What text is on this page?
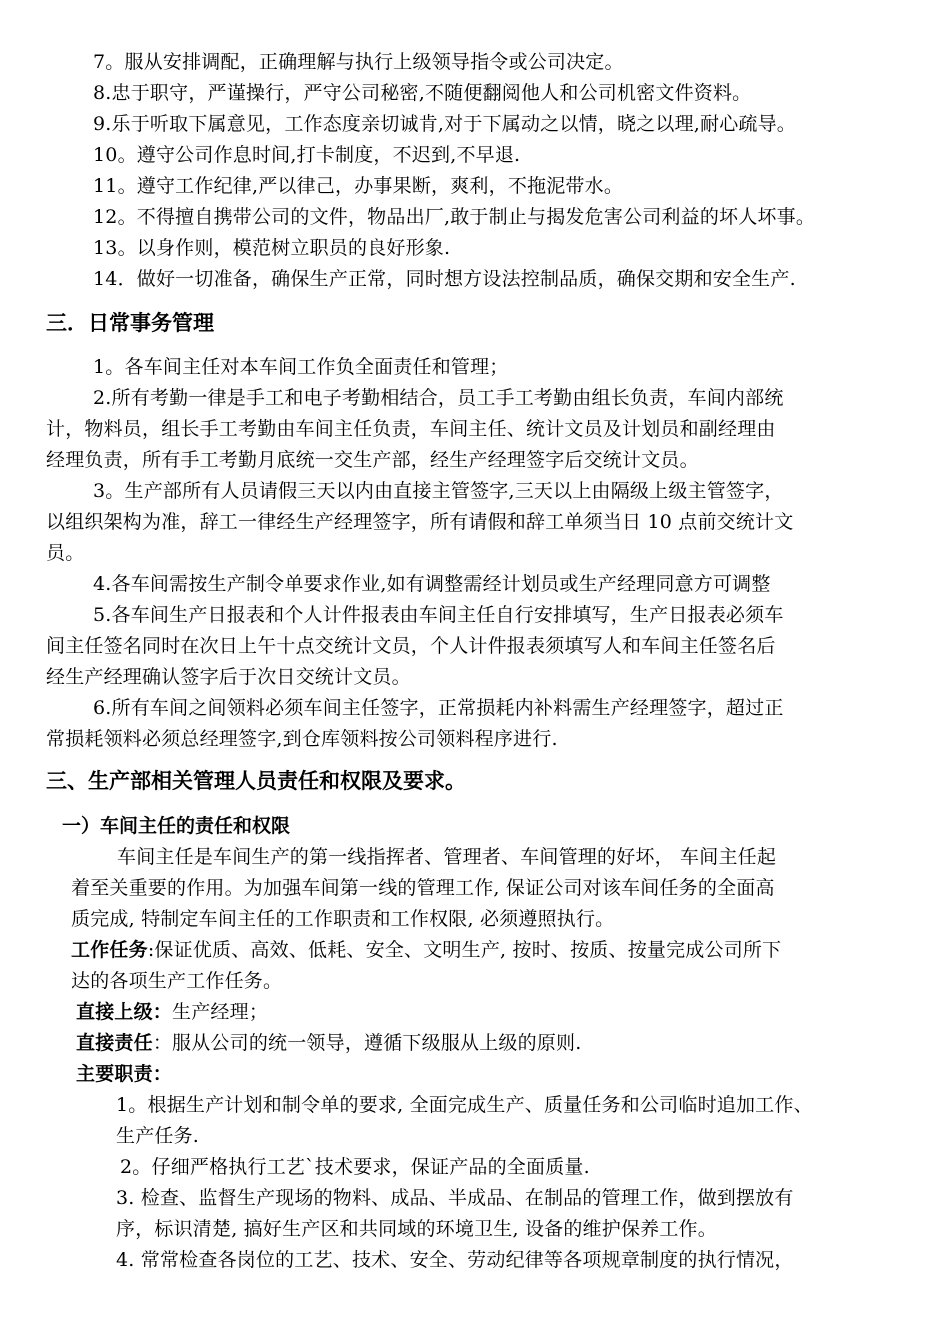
7。服从安排调配，正确理解与执行上级领导指令或公司决定。
8.忠于职守，严谨操行，严守公司秘密,不随便翻阅他人和公司机密文件资料。
9.乐于听取下属意见，工作态度亲切诚肯,对于下属动之以情，晓之以理,耐心疏导。
10。遵守公司作息时间,打卡制度，不迟到,不早退.
11。遵守工作纪律,严以律己，办事果断，爽利，不拖泥带水。
12。不得擅自携带公司的文件，物品出厂,敢于制止与揭发危害公司利益的坏人坏事。
13。以身作则，模范树立职员的良好形象.
14．做好一切准备，确保生产正常，同时想方设法控制品质，确保交期和安全生产.
三．日常事务管理
1。各车间主任对本车间工作负全面责任和管理；
2.所有考勤一律是手工和电子考勤相结合，员工手工考勤由组长负责，车间内部统
计，物料员，组长手工考勤由车间主任负责，车间主任、统计文员及计划员和副经理由
经理负责，所有手工考勤月底统一交生产部，经生产经理签字后交统计文员。
3。生产部所有人员请假三天以内由直接主管签字,三天以上由隔级上级主管签字，
以组织架构为准，辞工一律经生产经理签字，所有请假和辞工单须当日 10 点前交统计文
员。
4.各车间需按生产制令单要求作业,如有调整需经计划员或生产经理同意方可调整
5.各车间生产日报表和个人计件报表由车间主任自行安排填写，生产日报表必须车
间主任签名同时在次日上午十点交统计文员，个人计件报表须填写人和车间主任签名后
经生产经理确认签字后于次日交统计文员。
6.所有车间之间领料必须车间主任签字，正常损耗内补料需生产经理签字，超过正
常损耗领料必须总经理签字,到仓库领料按公司领料程序进行.
三、生产部相关管理人员责任和权限及要求。
一）车间主任的责任和权限
车间主任是车间生产的第一线指挥者、管理者、车间管理的好坏， 车间主任起
着至关重要的作用。为加强车间第一线的管理工作, 保证公司对该车间任务的全面高
质完成, 特制定车间主任的工作职责和工作权限, 必须遵照执行。
工作任务:保证优质、高效、低耗、安全、文明生产, 按时、按质、按量完成公司所下
达的各项生产工作任务。
直接上级：生产经理；
直接责任：服从公司的统一领导，遵循下级服从上级的原则.
主要职责：
1。根据生产计划和制令单的要求, 全面完成生产、质量任务和公司临时追加工作、
生产任务.
2。仔细严格执行工艺`技术要求，保证产品的全面质量.
3. 检查、监督生产现场的物料、成品、半成品、在制品的管理工作，做到摆放有
序，标识清楚, 搞好生产区和共同域的环境卫生, 设备的维护保养工作。
4. 常常检查各岗位的工艺、技术、安全、劳动纪律等各项规章制度的执行情况，
